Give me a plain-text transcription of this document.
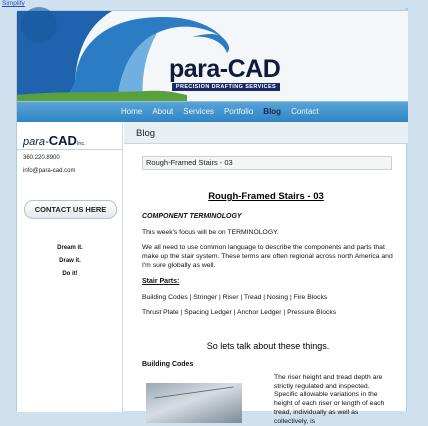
Simplify
para-CAD
PRECISION DRAFTING SERVICES
Home About Services Portfolio Blog Contact
para-CADInc.
360.220.8900
info@para-cad.com
CONTACT US HERE
Dream it.
Draw it.
Do it!
Blog
Rough-Framed Stairs - 03
Rough-Framed Stairs - 03
COMPONENT TERMINOLOGY
This week's focus will be on TERMINOLOGY.
We all need to use common language to describe the components and parts that make up the stair system. These terms are often regional across north America and I'm sure globally as well.
Stair Parts:
Building Codes | Stringer | Riser | Tread | Nosing | Fire Blocks
Thrust Plate | Spacing Ledger | Anchor Ledger | Pressure Blocks
So lets talk about these things.
Building Codes
The riser height and tread depth are strictly regulated and inspected. Specific allowable variations in the height of each riser or length of each tread, individually as well as collectively, is
